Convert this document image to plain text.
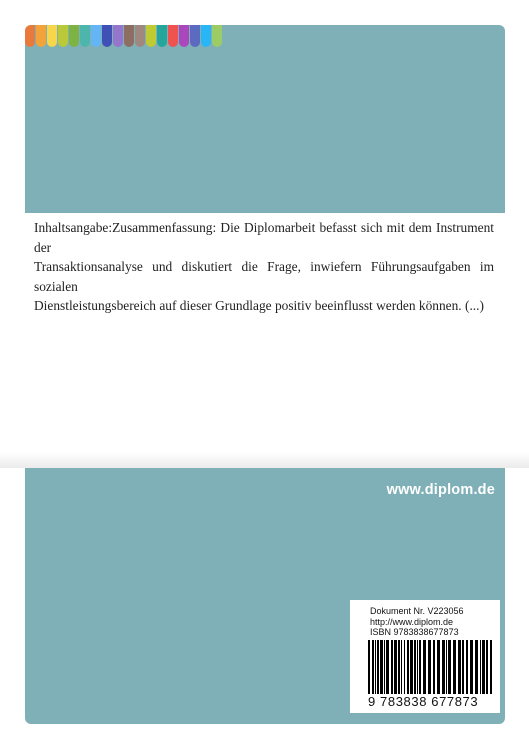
Inhaltsangabe:Zusammenfassung: Die Diplomarbeit befasst sich mit dem Instrument der
Transaktionsanalyse und diskutiert die Frage, inwiefern Führungsaufgaben im sozialen
Dienstleistungsbereich auf dieser Grundlage positiv beeinflusst werden können. (...)
www.diplom.de
Dokument Nr. V223056
http://www.diplom.de
ISBN 9783838677873
9 783838 677873
